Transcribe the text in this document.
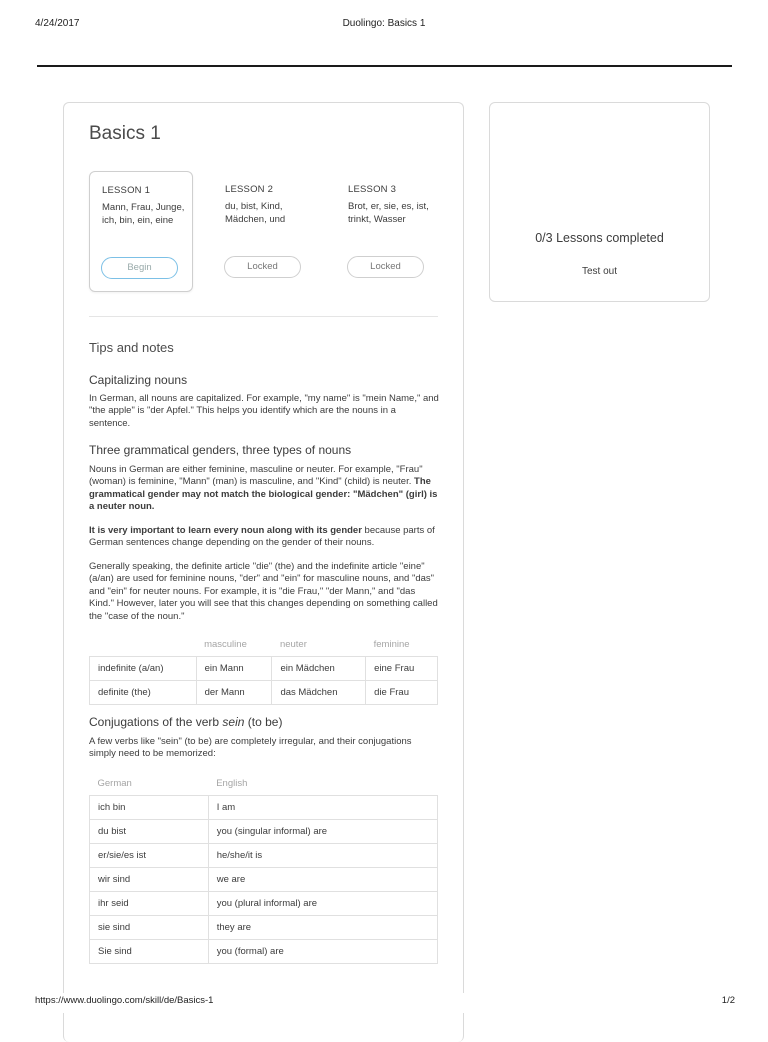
4/24/2017	Duolingo: Basics 1
0/3 Lessons completed
Test out
Basics 1
LESSON 1
Mann, Frau, Junge, ich, bin, ein, eine
Begin
LESSON 2
du, bist, Kind, Mädchen, und
Locked
LESSON 3
Brot, er, sie, es, ist, trinkt, Wasser
Locked
Tips and notes
Capitalizing nouns
In German, all nouns are capitalized. For example, "my name" is "mein Name," and "the apple" is "der Apfel." This helps you identify which are the nouns in a sentence.
Three grammatical genders, three types of nouns
Nouns in German are either feminine, masculine or neuter. For example, "Frau" (woman) is feminine, "Mann" (man) is masculine, and "Kind" (child) is neuter. The grammatical gender may not match the biological gender: "Mädchen" (girl) is a neuter noun.
It is very important to learn every noun along with its gender because parts of German sentences change depending on the gender of their nouns.
Generally speaking, the definite article "die" (the) and the indefinite article "eine" (a/an) are used for feminine nouns, "der" and "ein" for masculine nouns, and "das" and "ein" for neuter nouns. For example, it is "die Frau," "der Mann," and "das Kind." However, later you will see that this changes depending on something called the "case of the noun."
	masculine	neuter	feminine
indefinite (a/an)	ein Mann	ein Mädchen	eine Frau
definite (the)	der Mann	das Mädchen	die Frau
Conjugations of the verb sein (to be)
A few verbs like "sein" (to be) are completely irregular, and their conjugations simply need to be memorized:
German	English
ich bin	I am
du bist	you (singular informal) are
er/sie/es ist	he/she/it is
wir sind	we are
ihr seid	you (plural informal) are
sie sind	they are
Sie sind	you (formal) are
https://www.duolingo.com/skill/de/Basics-1	1/2
